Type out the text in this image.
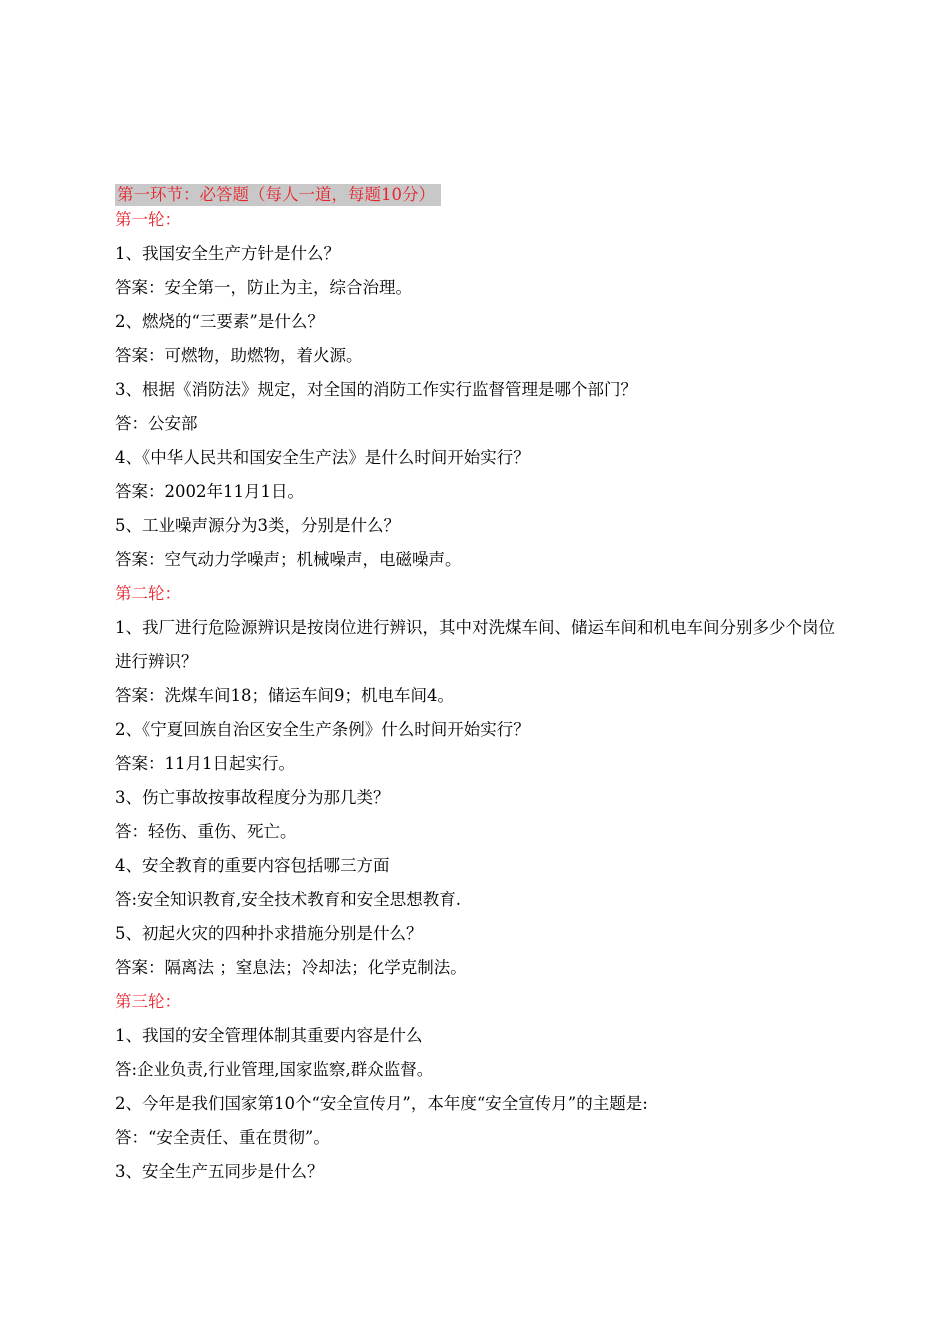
第一环节：必答题（每人一道，每题10分）
第一轮：
1、我国安全生产方针是什么？
答案：安全第一，防止为主，综合治理。
2、燃烧的“三要素”是什么？
答案：可燃物，助燃物，着火源。
3、根据《消防法》规定，对全国的消防工作实行监督管理是哪个部门？
答：公安部
4、《中华人民共和国安全生产法》是什么时间开始实行？
答案：2002年11月1日。
5、工业噪声源分为3类，分别是什么？
答案：空气动力学噪声；机械噪声，电磁噪声。
第二轮：
1、我厂进行危险源辨识是按岗位进行辨识，其中对洗煤车间、储运车间和机电车间分别多少个岗位进行辨识？
答案：洗煤车间18；储运车间9；机电车间4。
2、《宁夏回族自治区安全生产条例》什么时间开始实行？
答案：11月1日起实行。
3、伤亡事故按事故程度分为那几类？
答：轻伤、重伤、死亡。
4、安全教育的重要内容包括哪三方面
答:安全知识教育,安全技术教育和安全思想教育.
5、初起火灾的四种扑求措施分别是什么？
答案：隔离法 ；窒息法；冷却法；化学克制法。
第三轮：
1、我国的安全管理体制其重要内容是什么
答:企业负责,行业管理,国家监察,群众监督。
2、今年是我们国家第10个“安全宣传月”，本年度“安全宣传月”的主题是:
答：“安全责任、重在贯彻”。
3、安全生产五同步是什么？
